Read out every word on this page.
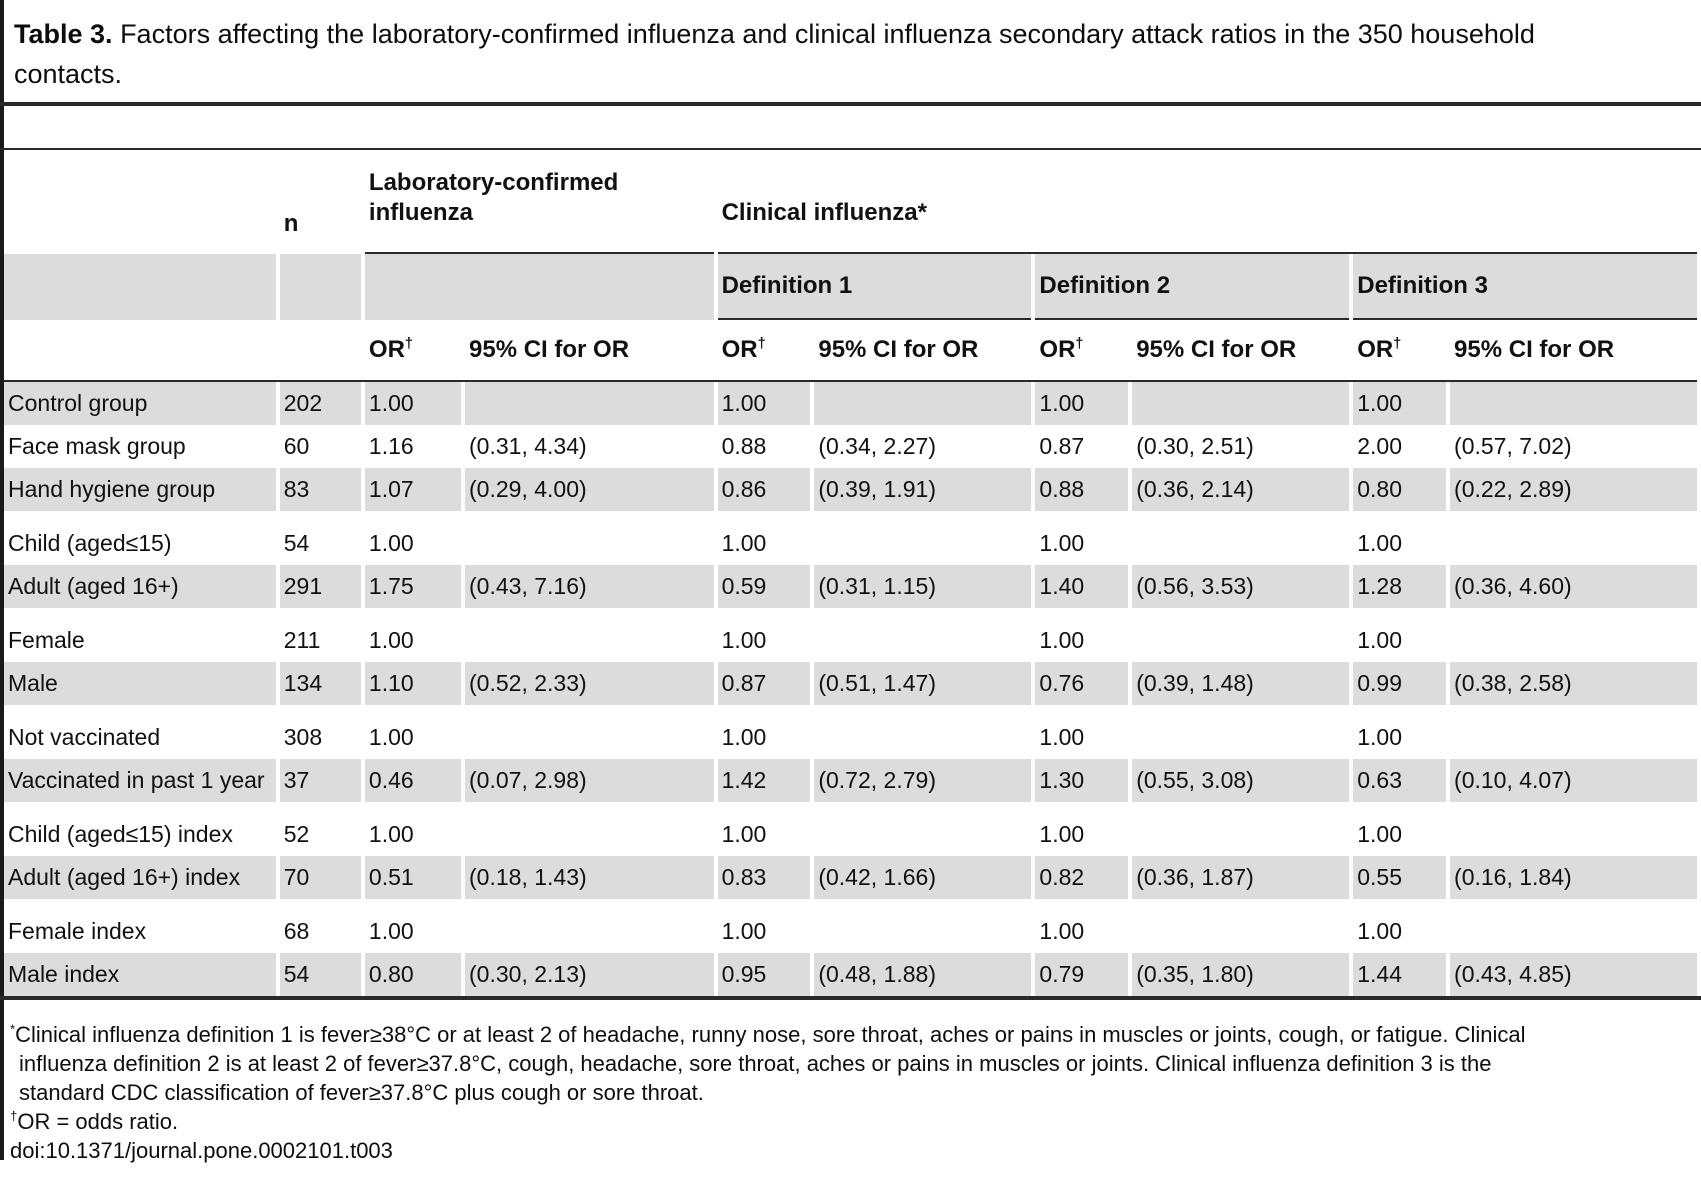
Table 3. Factors affecting the laboratory-confirmed influenza and clinical influenza secondary attack ratios in the 350 household contacts.
	n	Laboratory-confirmed influenza		Clinical influenza*					
				Definition 1		Definition 2		Definition 3	
		OR†	95% CI for OR	OR†	95% CI for OR	OR†	95% CI for OR	OR†	95% CI for OR

Control group	202	1.00		1.00		1.00		1.00	
Face mask group	60	1.16	(0.31, 4.34)	0.88	(0.34, 2.27)	0.87	(0.30, 2.51)	2.00	(0.57, 7.02)
Hand hygiene group	83	1.07	(0.29, 4.00)	0.86	(0.39, 1.91)	0.88	(0.36, 2.14)	0.80	(0.22, 2.89)

Child (aged≤15)	54	1.00		1.00		1.00		1.00	
Adult (aged 16+)	291	1.75	(0.43, 7.16)	0.59	(0.31, 1.15)	1.40	(0.56, 3.53)	1.28	(0.36, 4.60)

Female	211	1.00		1.00		1.00		1.00	
Male	134	1.10	(0.52, 2.33)	0.87	(0.51, 1.47)	0.76	(0.39, 1.48)	0.99	(0.38, 2.58)

Not vaccinated	308	1.00		1.00		1.00		1.00	
Vaccinated in past 1 year	37	0.46	(0.07, 2.98)	1.42	(0.72, 2.79)	1.30	(0.55, 3.08)	0.63	(0.10, 4.07)

Child (aged≤15) index	52	1.00		1.00		1.00		1.00	
Adult (aged 16+) index	70	0.51	(0.18, 1.43)	0.83	(0.42, 1.66)	0.82	(0.36, 1.87)	0.55	(0.16, 1.84)

Female index	68	1.00		1.00		1.00		1.00	
Male index	54	0.80	(0.30, 2.13)	0.95	(0.48, 1.88)	0.79	(0.35, 1.80)	1.44	(0.43, 4.85)

*Clinical influenza definition 1 is fever≥38°C or at least 2 of headache, runny nose, sore throat, aches or pains in muscles or joints, cough, or fatigue. Clinical influenza definition 2 is at least 2 of fever≥37.8°C, cough, headache, sore throat, aches or pains in muscles or joints. Clinical influenza definition 3 is the standard CDC classification of fever≥37.8°C plus cough or sore throat.

†OR = odds ratio.

doi:10.1371/journal.pone.0002101.t003
